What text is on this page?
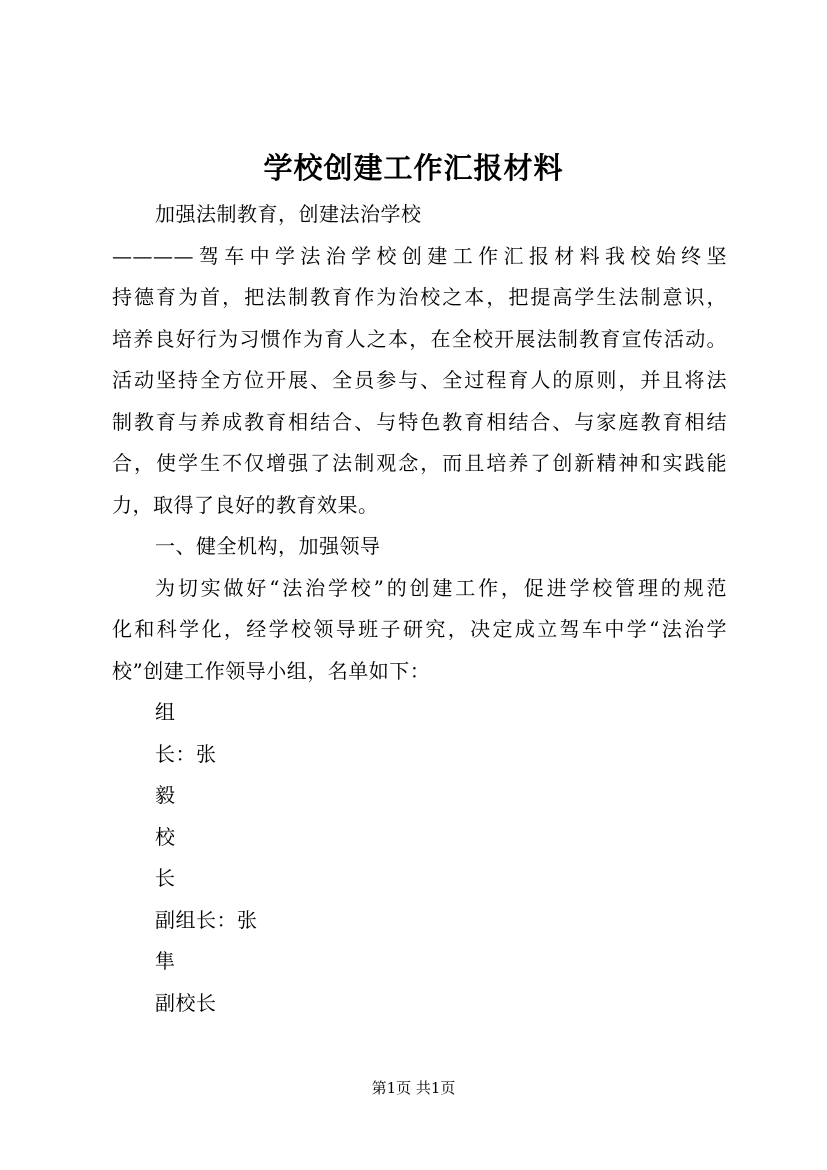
学校创建工作汇报材料
加强法制教育，创建法治学校
————驾车中学法治学校创建工作汇报材料我校始终坚
持德育为首，把法制教育作为治校之本，把提高学生法制意识，
培养良好行为习惯作为育人之本，在全校开展法制教育宣传活动。
活动坚持全方位开展、全员参与、全过程育人的原则，并且将法
制教育与养成教育相结合、与特色教育相结合、与家庭教育相结
合，使学生不仅增强了法制观念，而且培养了创新精神和实践能
力，取得了良好的教育效果。
一、健全机构，加强领导
为切实做好“法治学校”的创建工作，促进学校管理的规范
化和科学化，经学校领导班子研究，决定成立驾车中学“法治学
校”创建工作领导小组，名单如下：
组
长：张
毅
校
长
副组长：张
隼
副校长
第1页 共1页
